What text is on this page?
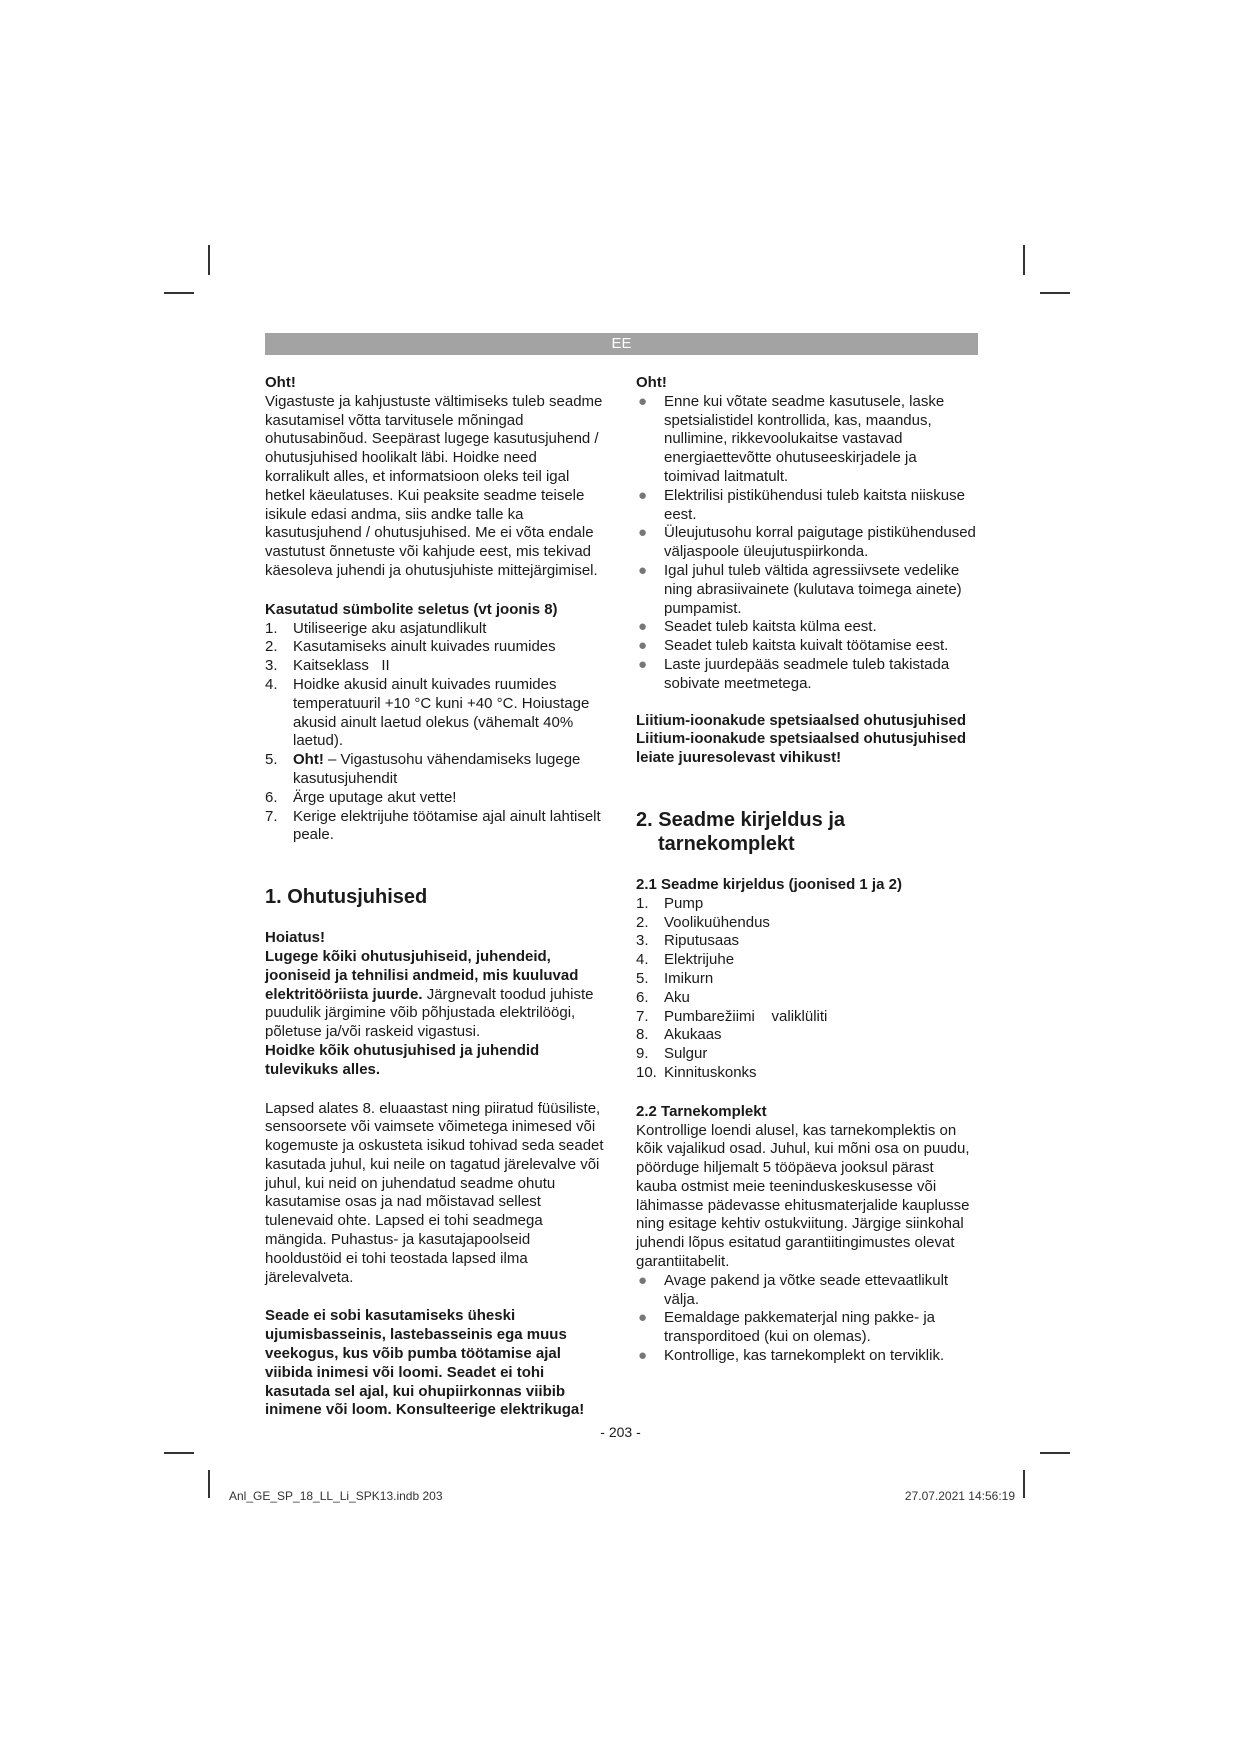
EE

Oht!

Vigastuste ja kahjustuste vältimiseks tuleb seadme kasutamisel võtta tarvitusele mõningad ohutusabinõud. Seepärast lugege kasutusjuhend / ohutusjuhised hoolikalt läbi. Hoidke need korralikult alles, et informatsioon oleks teil igal hetkel käeulatuses. Kui peaksite seadme teisele isikule edasi andma, siis andke talle ka kasutusjuhend / ohutusjuhised. Me ei võta endale vastutust õnnetuste või kahjude eest, mis tekivad käesoleva juhendi ja ohutusjuhiste mittejärgimisel.

Kasutatud sümbolite seletus (vt joonis 8)

1. Utiliseerige aku asjatundlikult
2. Kasutamiseks ainult kuivades ruumides
3. Kaitseklass   II
4. Hoidke akusid ainult kuivades ruumides temperatuuril +10 °C kuni +40 °C. Hoiustage akusid ainult laetud olekus (vähemalt 40% laetud).
5. Oht! – Vigastusohu vähendamiseks lugege kasutusjuhendit
6. Ärge uputage akut vette!
7. Kerige elektrijuhe töötamise ajal ainult lahtiselt peale.

1. Ohutusjuhised

Hoiatus!

Lugege kõiki ohutusjuhiseid, juhendeid, jooniseid ja tehnilisi andmeid, mis kuuluvad elektritööriista juurde. Järgnevalt toodud juhiste puudulik järgimine võib põhjustada elektrilöögi, põletuse ja/või raskeid vigastusi.

Hoidke kõik ohutusjuhised ja juhendid tulevikuks alles.

Lapsed alates 8. eluaastast ning piiratud füüsiliste, sensoorsete või vaimsete võimetega inimesed või kogemuste ja oskusteta isikud tohivad seda seadet kasutada juhul, kui neile on tagatud järelevalve või juhul, kui neid on juhendatud seadme ohutu kasutamise osas ja nad mõistavad sellest tulenevaid ohte. Lapsed ei tohi seadmega mängida. Puhastus- ja kasutajapoolseid hooldustöid ei tohi teostada lapsed ilma järelevalveta.

Seade ei sobi kasutamiseks üheski ujumisbasseinis, lastebasseinis ega muus veekogus, kus võib pumba töötamise ajal viibida inimesi või loomi. Seadet ei tohi kasutada sel ajal, kui ohupiirkonnas viibib inimene või loom. Konsulteerige elektrikuga!

Oht!

● Enne kui võtate seadme kasutusele, laske spetsialistidel kontrollida, kas, maandus, nullimine, rikkevoolukaitse vastavad energiaettevõtte ohutuseeskirjadele ja toimivad laitmatult.
● Elektrilisi pistikühendusi tuleb kaitsta niiskuse eest.
● Üleujutusohu korral paigutage pistikühendused väljaspoole üleujutuspiirkonda.
● Igal juhul tuleb vältida agressiivsete vedelike ning abrasiivainete (kulutava toimega ainete) pumpamist.
● Seadet tuleb kaitsta külma eest.
● Seadet tuleb kaitsta kuivalt töötamise eest.
● Laste juurdepääs seadmele tuleb takistada sobivate meetmetega.

Liitium-ioonakude spetsiaalsed ohutusjuhised

Liitium-ioonakude spetsiaalsed ohutusjuhised leiate juuresolevast vihikust!

2. Seadme kirjeldus ja
tarnekomplekt

2.1 Seadme kirjeldus (joonised 1 ja 2)

1. Pump
2. Voolikuühendus
3. Riputusaas
4. Elektrijuhe
5. Imikurn
6. Aku
7. Pumbarežiimi    valiklüliti
8. Akukaas
9. Sulgur
10. Kinnituskonks

2.2 Tarnekomplekt

Kontrollige loendi alusel, kas tarnekomplektis on kõik vajalikud osad. Juhul, kui mõni osa on puudu, pöörduge hiljemalt 5 tööpäeva jooksul pärast kauba ostmist meie teeninduskeskusesse või lähimasse pädevasse ehitusmaterjalide kauplusse ning esitage kehtiv ostukviitung. Järgige siinkohal juhendi lõpus esitatud garantiitingimustes olevat garantiitabelit.

● Avage pakend ja võtke seade ettevaatlikult välja.
● Eemaldage pakkematerjal ning pakke- ja transporditoed (kui on olemas).
● Kontrollige, kas tarnekomplekt on terviklik.
- 203 -
Anl_GE_SP_18_LL_Li_SPK13.indb 203	27.07.2021 14:56:19
